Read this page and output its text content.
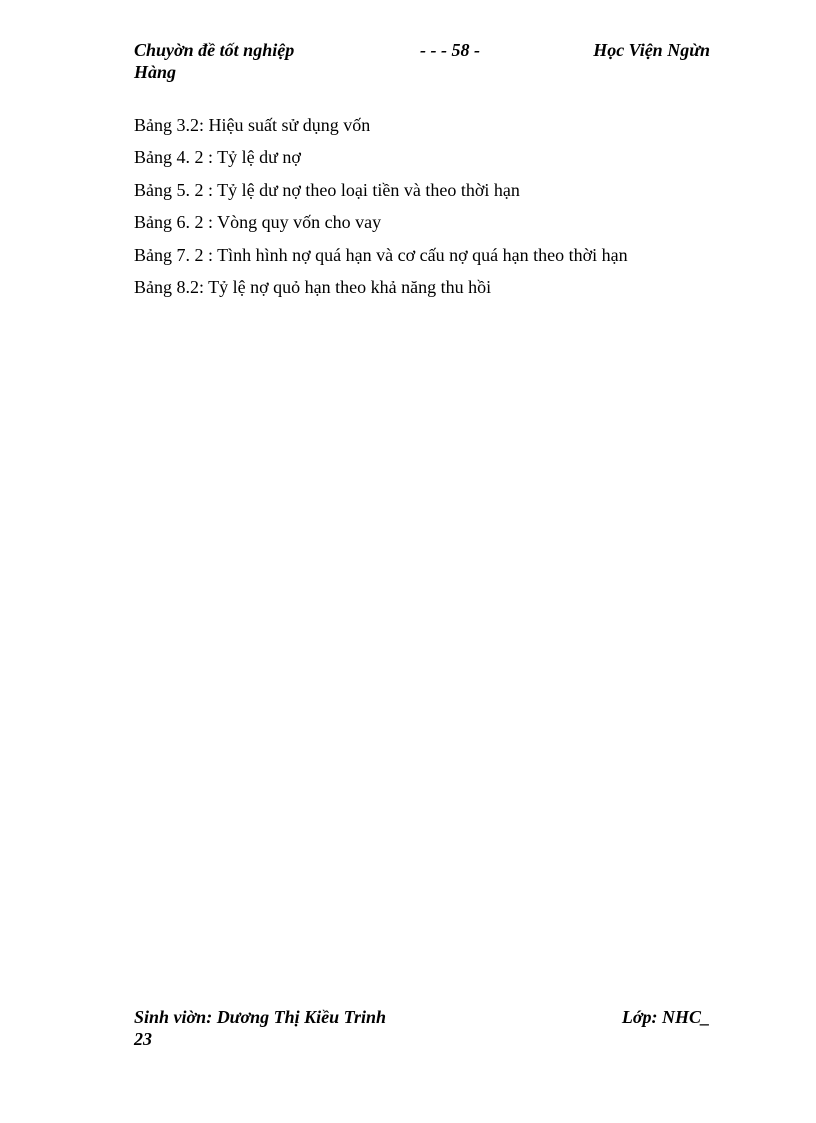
Chuyờn đề tốt nghiệp	- - - 58 -	Học Viện Ngừn
Hàng
Bảng 3.2: Hiệu suất sử dụng vốn
Bảng 4. 2 : Tỷ lệ dư nợ
Bảng 5. 2 : Tỷ lệ dư nợ theo loại tiền và theo thời hạn
Bảng 6. 2 : Vòng quy vốn cho vay
Bảng 7. 2 : Tình hình nợ quá hạn và cơ cấu nợ quá hạn theo thời hạn
Bảng 8.2: Tỷ lệ nợ quỏ hạn theo khả năng thu hồi
Sinh viờn: Dương Thị Kiều Trinh	Lớp: NHC_
23
